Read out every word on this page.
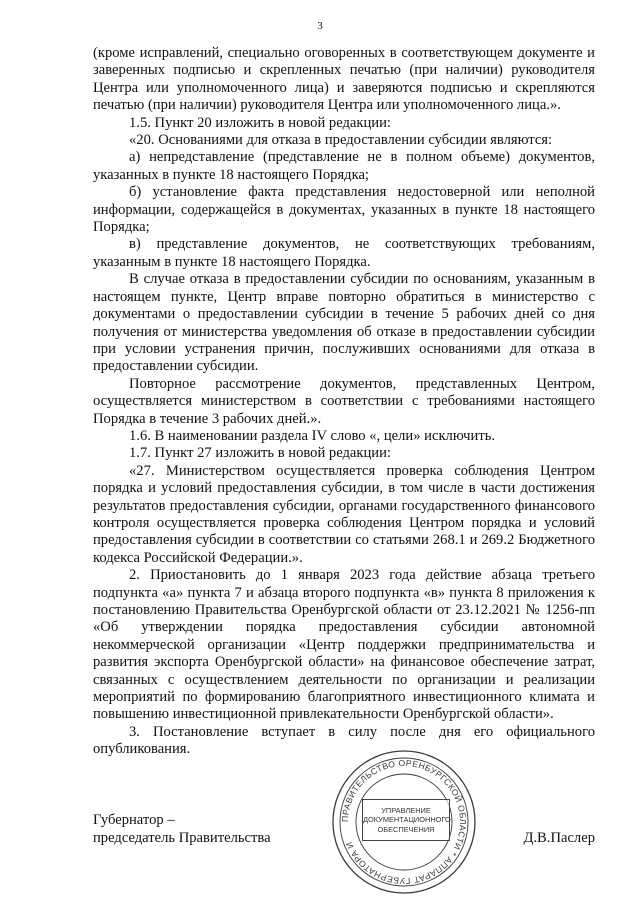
3

(кроме исправлений, специально оговоренных в соответствующем документе и заверенных подписью и скрепленных печатью (при наличии) руководителя Центра или уполномоченного лица) и заверяются подписью и скрепляются печатью (при наличии) руководителя Центра или уполномоченного лица.».

1.5. Пункт 20 изложить в новой редакции:

«20. Основаниями для отказа в предоставлении субсидии являются:

а) непредставление (представление не в полном объеме) документов, указанных в пункте 18 настоящего Порядка;

б) установление факта представления недостоверной или неполной информации, содержащейся в документах, указанных в пункте 18 настоящего Порядка;

в) представление документов, не соответствующих требованиям, указанным в пункте 18 настоящего Порядка.

В случае отказа в предоставлении субсидии по основаниям, указанным в настоящем пункте, Центр вправе повторно обратиться в министерство с документами о предоставлении субсидии в течение 5 рабочих дней со дня получения от министерства уведомления об отказе в предоставлении субсидии при условии устранения причин, послуживших основаниями для отказа в предоставлении субсидии.

Повторное рассмотрение документов, представленных Центром, осуществляется министерством в соответствии с требованиями настоящего Порядка в течение 3 рабочих дней.».

1.6. В наименовании раздела IV слово «, цели» исключить.

1.7. Пункт 27 изложить в новой редакции:

«27. Министерством осуществляется проверка соблюдения Центром порядка и условий предоставления субсидии, в том числе в части достижения результатов предоставления субсидии, органами государственного финансового контроля осуществляется проверка соблюдения Центром порядка и условий предоставления субсидии в соответствии со статьями 268.1 и 269.2 Бюджетного кодекса Российской Федерации.».

2. Приостановить до 1 января 2023 года действие абзаца третьего подпункта «а» пункта 7 и абзаца второго подпункта «в» пункта 8 приложения к постановлению Правительства Оренбургской области от 23.12.2021 № 1256-пп «Об утверждении порядка предоставления субсидии автономной некоммерческой организации «Центр поддержки предпринимательства и развития экспорта Оренбургской области» на финансовое обеспечение затрат, связанных с осуществлением деятельности по организации и реализации мероприятий по формированию благоприятного инвестиционного климата и повышению инвестиционной привлекательности Оренбургской области».

3. Постановление вступает в силу после дня его официального опубликования.

Губернатор –
председатель Правительства
ПРАВИТЕЛЬСТВО ОРЕНБУРГСКОЙ ОБЛАСТИ * АППАРАТ ГУБЕРНАТОРА И
УПРАВЛЕНИЕ
ДОКУМЕНТАЦИОННОГО
ОБЕСПЕЧЕНИЯ
Д.В.Паслер
